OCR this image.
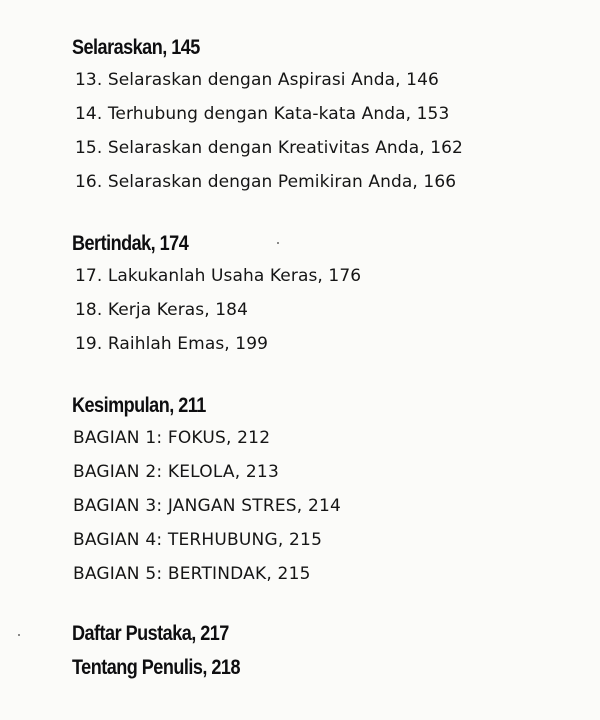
Selaraskan, 145

13. Selaraskan dengan Aspirasi Anda, 146

14. Terhubung dengan Kata-kata Anda, 153

15. Selaraskan dengan Kreativitas Anda, 162

16. Selaraskan dengan Pemikiran Anda, 166

Bertindak, 174

17. Lakukanlah Usaha Keras, 176

18. Kerja Keras, 184

19. Raihlah Emas, 199

Kesimpulan, 211

BAGIAN 1: FOKUS, 212

BAGIAN 2: KELOLA, 213

BAGIAN 3: JANGAN STRES, 214

BAGIAN 4: TERHUBUNG, 215

BAGIAN 5: BERTINDAK, 215

Daftar Pustaka, 217
Tentang Penulis, 218
